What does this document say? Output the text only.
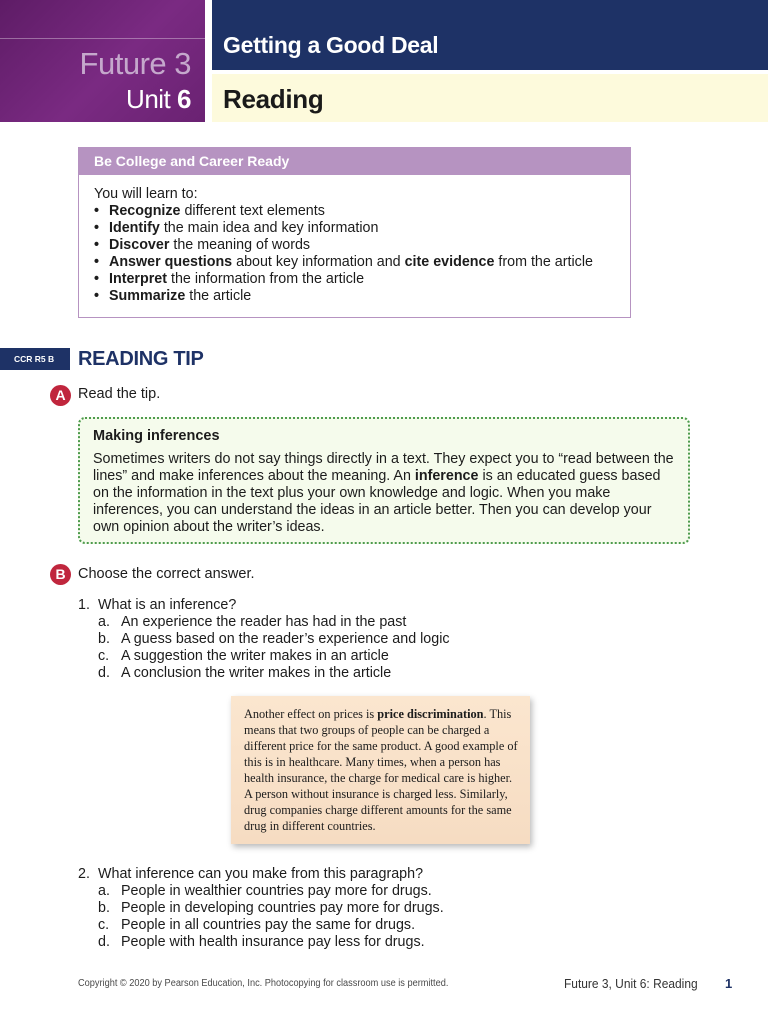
Future 3
Unit 6
Getting a Good Deal
Reading
Be College and Career Ready
You will learn to:
• Recognize different text elements
• Identify the main idea and key information
• Discover the meaning of words
• Answer questions about key information and cite evidence from the article
• Interpret the information from the article
• Summarize the article
CCR R5 B	READING TIP
A Read the tip.
Making inferences
Sometimes writers do not say things directly in a text. They expect you to “read between the lines” and make inferences about the meaning. An inference is an educated guess based on the information in the text plus your own knowledge and logic. When you make inferences, you can understand the ideas in an article better. Then you can develop your own opinion about the writer’s ideas.
B Choose the correct answer.
1. What is an inference?
a. An experience the reader has had in the past
b. A guess based on the reader’s experience and logic
c. A suggestion the writer makes in an article
d. A conclusion the writer makes in the article
Another effect on prices is price discrimination. This means that two groups of people can be charged a different price for the same product. A good example of this is in healthcare. Many times, when a person has health insurance, the charge for medical care is higher. A person without insurance is charged less. Similarly, drug companies charge different amounts for the same drug in different countries.
2. What inference can you make from this paragraph?
a. People in wealthier countries pay more for drugs.
b. People in developing countries pay more for drugs.
c. People in all countries pay the same for drugs.
d. People with health insurance pay less for drugs.
Copyright © 2020 by Pearson Education, Inc. Photocopying for classroom use is permitted.	Future 3, Unit 6: Reading 1
